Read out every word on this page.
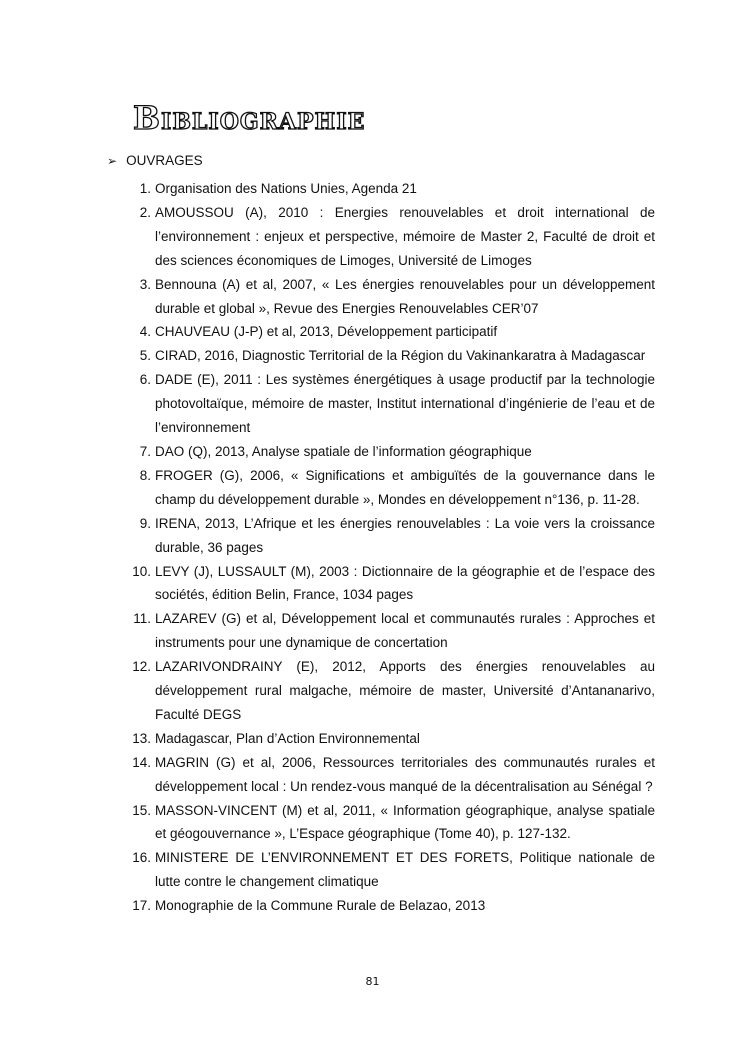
Bibliographie
➢ OUVRAGES
1. Organisation des Nations Unies, Agenda 21
2. AMOUSSOU (A), 2010 : Energies renouvelables et droit international de l’environnement : enjeux et perspective, mémoire de Master 2, Faculté de droit et des sciences économiques de Limoges, Université de Limoges
3. Bennouna (A) et al, 2007, « Les énergies renouvelables pour un développement durable et global », Revue des Energies Renouvelables CER’07
4. CHAUVEAU (J-P) et al, 2013, Développement participatif
5. CIRAD, 2016, Diagnostic Territorial de la Région du Vakinankaratra à Madagascar
6. DADE (E), 2011 : Les systèmes énergétiques à usage productif par la technologie photovoltaïque, mémoire de master, Institut international d’ingénierie de l’eau et de l’environnement
7. DAO (Q), 2013, Analyse spatiale de l’information géographique
8. FROGER (G), 2006, « Significations et ambiguïtés de la gouvernance dans le champ du développement durable », Mondes en développement n°136, p. 11-28.
9. IRENA, 2013, L’Afrique et les énergies renouvelables : La voie vers la croissance durable, 36 pages
10. LEVY (J), LUSSAULT (M), 2003 : Dictionnaire de la géographie et de l’espace des sociétés, édition Belin, France, 1034 pages
11. LAZAREV (G) et al, Développement local et communautés rurales : Approches et instruments pour une dynamique de concertation
12. LAZARIVONDRAINY (E), 2012, Apports des énergies renouvelables au développement rural malgache, mémoire de master, Université d’Antananarivo, Faculté DEGS
13. Madagascar, Plan d’Action Environnemental
14. MAGRIN (G) et al, 2006, Ressources territoriales des communautés rurales et développement local : Un rendez-vous manqué de la décentralisation au Sénégal ?
15. MASSON-VINCENT (M) et al, 2011, « Information géographique, analyse spatiale et géogouvernance », L’Espace géographique (Tome 40), p. 127-132.
16. MINISTERE DE L’ENVIRONNEMENT ET DES FORETS, Politique nationale de lutte contre le changement climatique
17. Monographie de la Commune Rurale de Belazao, 2013
81
